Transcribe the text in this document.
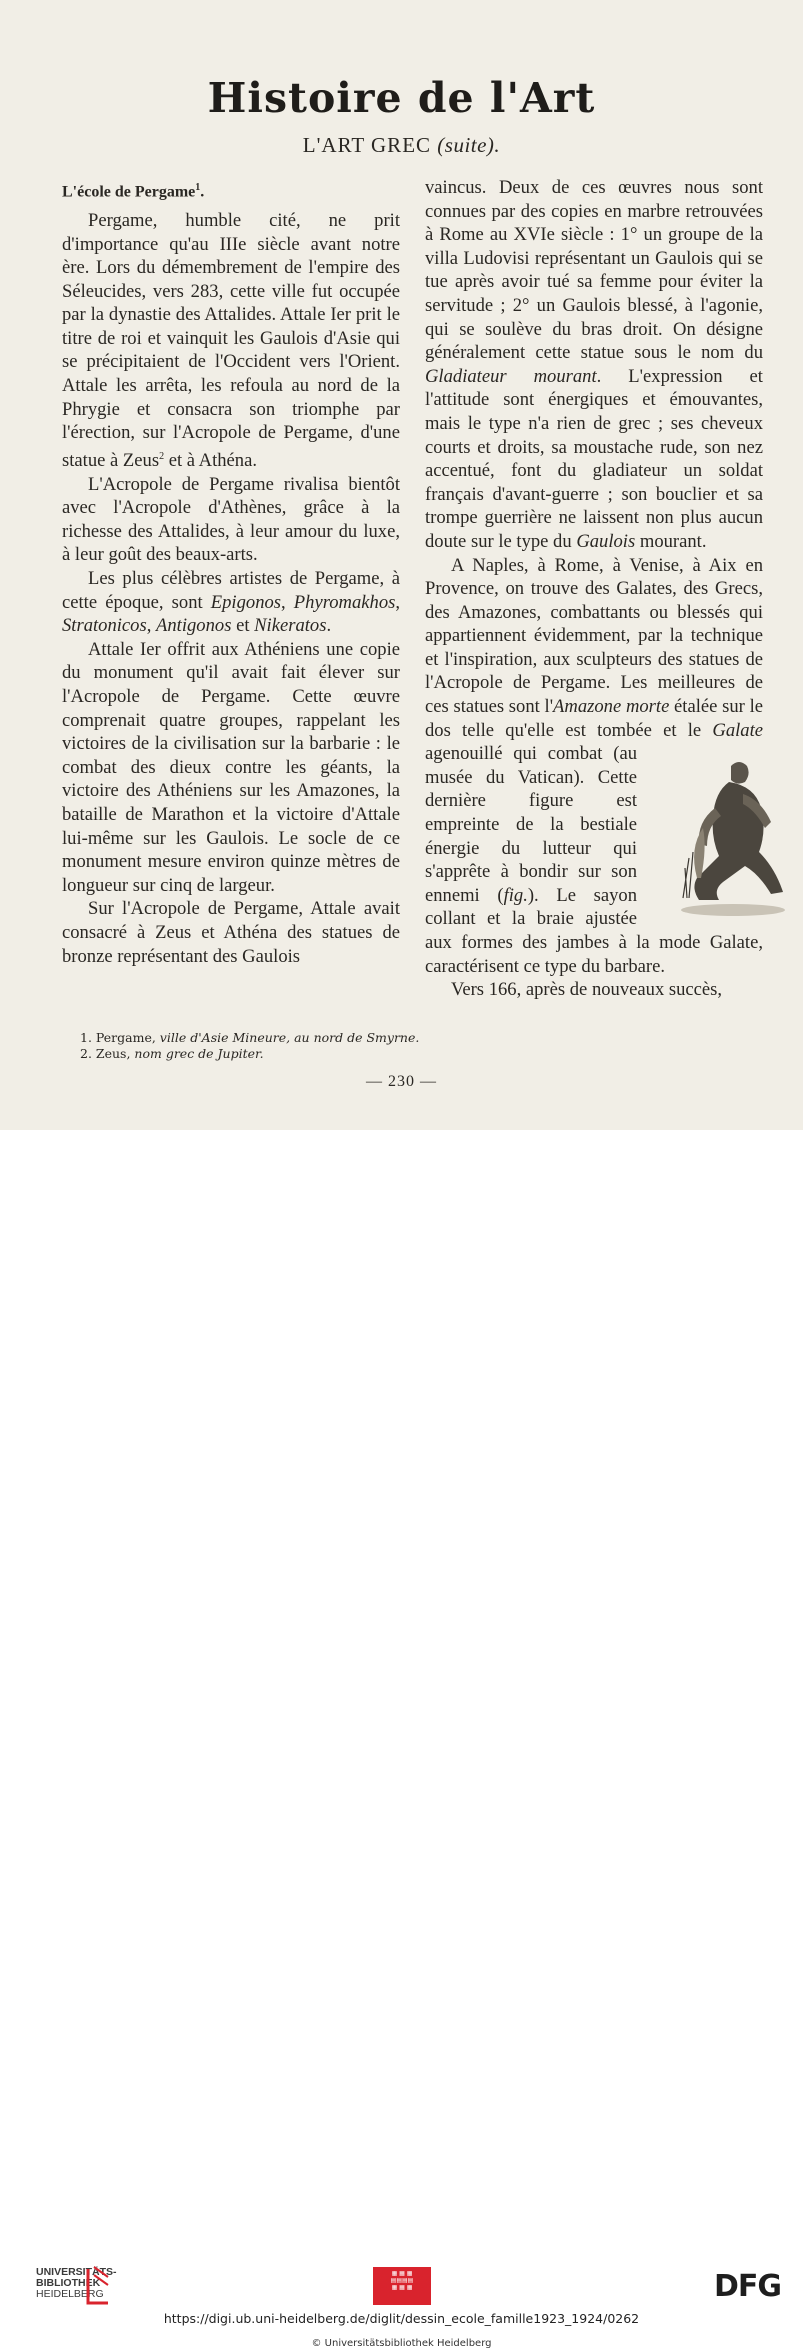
Histoire de l'Art
L'ART GREC (suite).

L'école de Pergame$^1$.

Pergame, humble cité, ne prit d'importance qu'au IIIe siècle avant notre ère. Lors du démembrement de l'empire des Séleucides, vers 283, cette ville fut occupée par la dynastie des Attalides. Attale Ier prit le titre de roi et vainquit les Gaulois d'Asie qui se précipitaient de l'Occident vers l'Orient. Attale les arrêta, les refoula au nord de la Phrygie et consacra son triomphe par l'érection, sur l'Acropole de Pergame, d'une statue à Zeus$^2$ et à Athéna.

L'Acropole de Pergame rivalisa bientôt avec l'Acropole d'Athènes, grâce à la richesse des Attalides, à leur amour du luxe, à leur goût des beaux-arts.

Les plus célèbres artistes de Pergame, à cette époque, sont Epigonos, Phyromakhos, Stratonicos, Antigonos et Nikeratos.

Attale Ier offrit aux Athéniens une copie du monument qu'il avait fait élever sur l'Acropole de Pergame. Cette œuvre comprenait quatre groupes, rappelant les victoires de la civilisation sur la barbarie : le combat des dieux contre les géants, la victoire des Athéniens sur les Amazones, la bataille de Marathon et la victoire d'Attale lui-même sur les Gaulois. Le socle de ce monument mesure environ quinze mètres de longueur sur cinq de largeur.

Sur l'Acropole de Pergame, Attale avait consacré à Zeus et Athéna des statues de bronze représentant des Gaulois

1. Pergame, ville d'Asie Mineure, au nord de Smyrne.
2. Zeus, nom grec de Jupiter.

vaincus. Deux de ces œuvres nous sont connues par des copies en marbre retrouvées à Rome au XVIe siècle : 1° un groupe de la villa Ludovisi représentant un Gaulois qui se tue après avoir tué sa femme pour éviter la servitude ; 2° un Gaulois blessé, à l'agonie, qui se soulève du bras droit. On désigne généralement cette statue sous le nom du Gladiateur mourant. L'expression et l'attitude sont énergiques et émouvantes, mais le type n'a rien de grec ; ses cheveux courts et droits, sa moustache rude, son nez accentué, font du gladiateur un soldat français d'avant-guerre ; son bouclier et sa trompe guerrière ne laissent non plus aucun doute sur le type du Gaulois mourant.

A Naples, à Rome, à Venise, à Aix en Provence, on trouve des Galates, des Grecs, des Amazones, combattants ou blessés qui appartiennent évidemment, par la technique et l'inspiration, aux sculpteurs des statues de l'Acropole de Pergame. Les meilleures de ces statues sont l'Amazone morte étalée sur le dos telle qu'elle est tombée et le Galate
agenouillé qui combat (au musée du Vatican). Cette dernière figure est empreinte de la bestiale énergie du lutteur qui s'apprête à bondir sur son ennemi (fig.). Le sayon collant et la braie ajustée aux formes des jambes à la mode Galate, caractérisent ce type du barbare.

Vers 166, après de nouveaux succès,

— 230 —
UNIVERSITÄTS-
BIBLIOTHEK
HEIDELBERG
▦ ▦ ▦
▤▤▤▤
▦ ▦ ▦	DFG
https://digi.ub.uni-heidelberg.de/diglit/dessin_ecole_famille1923_1924/0262
© Universitätsbibliothek Heidelberg
